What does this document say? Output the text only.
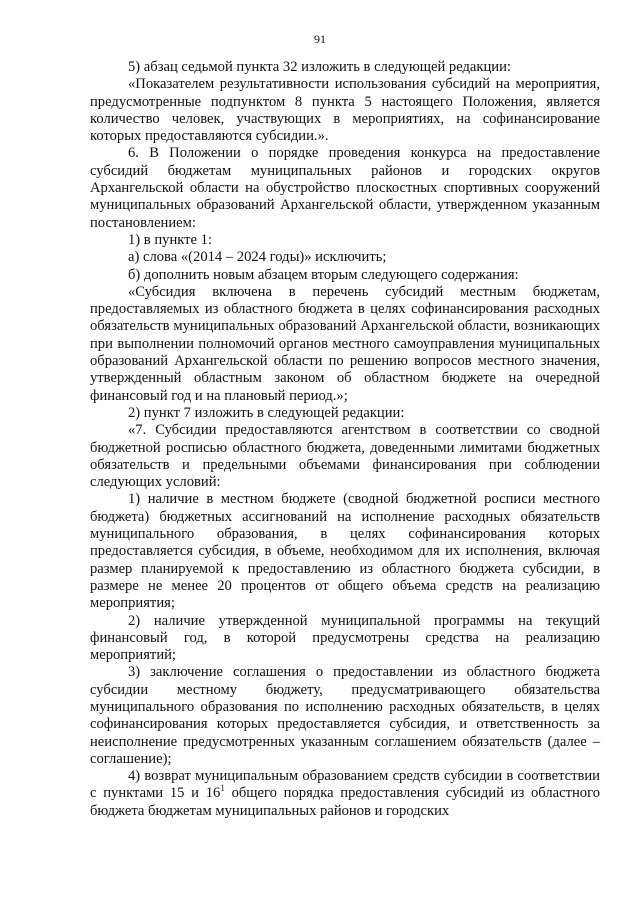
91

5) абзац седьмой пункта 32 изложить в следующей редакции:

«Показателем результативности использования субсидий на мероприятия, предусмотренные подпунктом 8 пункта 5 настоящего Положения, является количество человек, участвующих в мероприятиях, на софинансирование которых предоставляются субсидии.».

6. В Положении о порядке проведения конкурса на предоставление субсидий бюджетам муниципальных районов и городских округов Архангельской области на обустройство плоскостных спортивных сооружений муниципальных образований Архангельской области, утвержденном указанным постановлением:

1) в пункте 1:

а) слова «(2014 – 2024 годы)» исключить;

б) дополнить новым абзацем вторым следующего содержания:

«Субсидия включена в перечень субсидий местным бюджетам, предоставляемых из областного бюджета в целях софинансирования расходных обязательств муниципальных образований Архангельской области, возникающих при выполнении полномочий органов местного самоуправления муниципальных образований Архангельской области по решению вопросов местного значения, утвержденный областным законом об областном бюджете на очередной финансовый год и на плановый период.»;

2) пункт 7 изложить в следующей редакции:

«7. Субсидии предоставляются агентством в соответствии со сводной бюджетной росписью областного бюджета, доведенными лимитами бюджетных обязательств и предельными объемами финансирования при соблюдении следующих условий:

1) наличие в местном бюджете (сводной бюджетной росписи местного бюджета) бюджетных ассигнований на исполнение расходных обязательств муниципального образования, в целях софинансирования которых предоставляется субсидия, в объеме, необходимом для их исполнения, включая размер планируемой к предоставлению из областного бюджета субсидии, в размере не менее 20 процентов от общего объема средств на реализацию мероприятия;

2) наличие утвержденной муниципальной программы на текущий финансовый год, в которой предусмотрены средства на реализацию мероприятий;

3) заключение соглашения о предоставлении из областного бюджета субсидии местному бюджету, предусматривающего обязательства муниципального образования по исполнению расходных обязательств, в целях софинансирования которых предоставляется субсидия, и ответственность за неисполнение предусмотренных указанным соглашением обязательств (далее – соглашение);

4) возврат муниципальным образованием средств субсидии в соответствии с пунктами 15 и $16^1$ общего порядка предоставления субсидий из областного бюджета бюджетам муниципальных районов и городских
